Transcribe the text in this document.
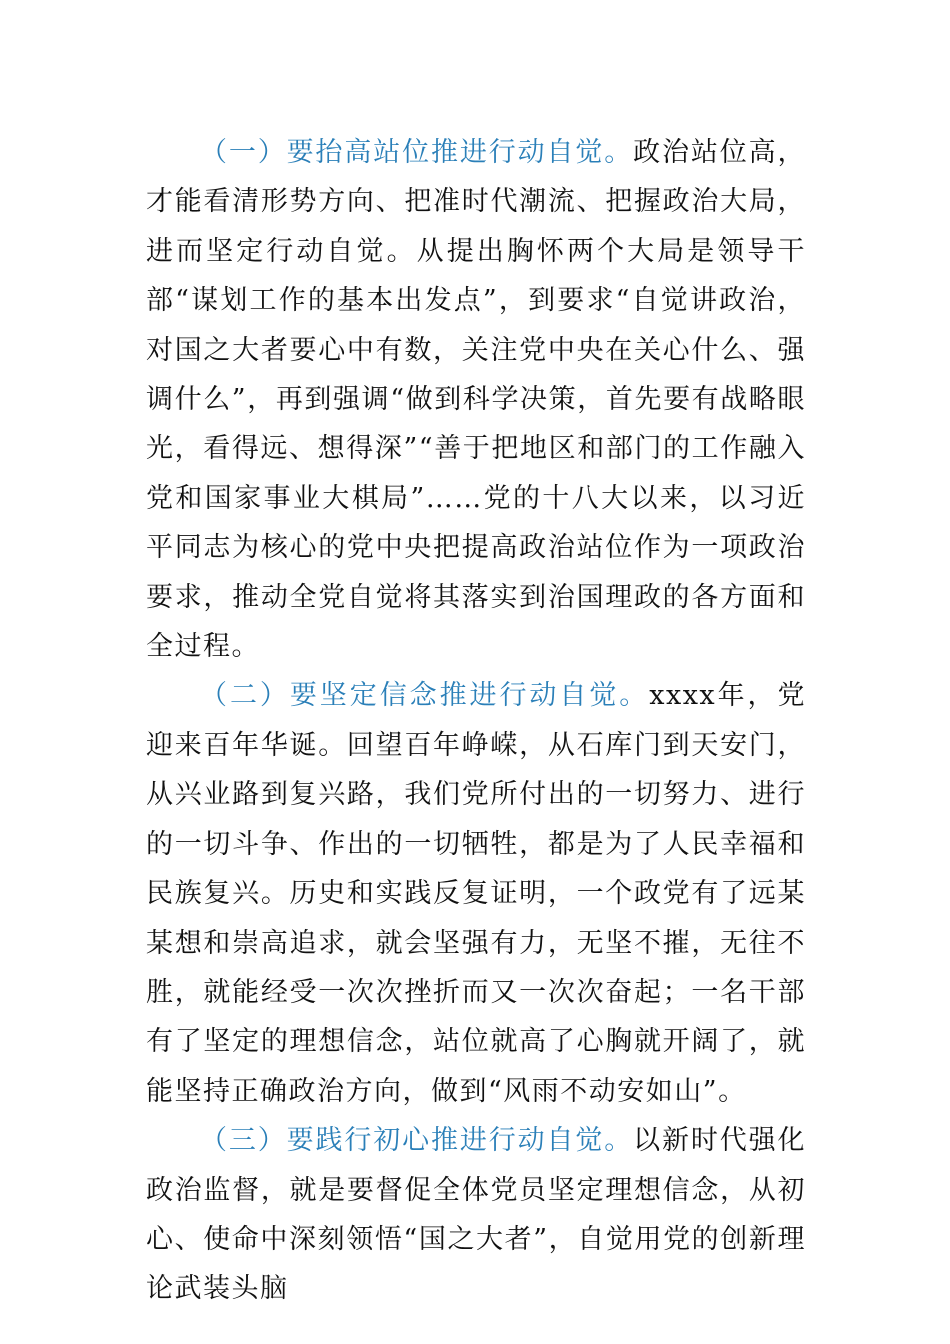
（一）要抬高站位推进行动自觉。政治站位高，才能看清形势方向、把准时代潮流、把握政治大局，进而坚定行动自觉。从提出胸怀两个大局是领导干部“谋划工作的基本出发点”，到要求“自觉讲政治，对国之大者要心中有数，关注党中央在关心什么、强调什么”，再到强调“做到科学决策，首先要有战略眼光，看得远、想得深”“善于把地区和部门的工作融入党和国家事业大棋局”……党的十八大以来，以习近平同志为核心的党中央把提高政治站位作为一项政治要求，推动全党自觉将其落实到治国理政的各方面和全过程。

（二）要坚定信念推进行动自觉。xxxx年，党迎来百年华诞。回望百年峥嵘，从石库门到天安门，从兴业路到复兴路，我们党所付出的一切努力、进行的一切斗争、作出的一切牺牲，都是为了人民幸福和民族复兴。历史和实践反复证明，一个政党有了远某某想和崇高追求，就会坚强有力，无坚不摧，无往不胜，就能经受一次次挫折而又一次次奋起；一名干部有了坚定的理想信念，站位就高了心胸就开阔了，就能坚持正确政治方向，做到“风雨不动安如山”。

（三）要践行初心推进行动自觉。以新时代强化政治监督，就是要督促全体党员坚定理想信念，从初心、使命中深刻领悟“国之大者”，自觉用党的创新理论武装头脑
